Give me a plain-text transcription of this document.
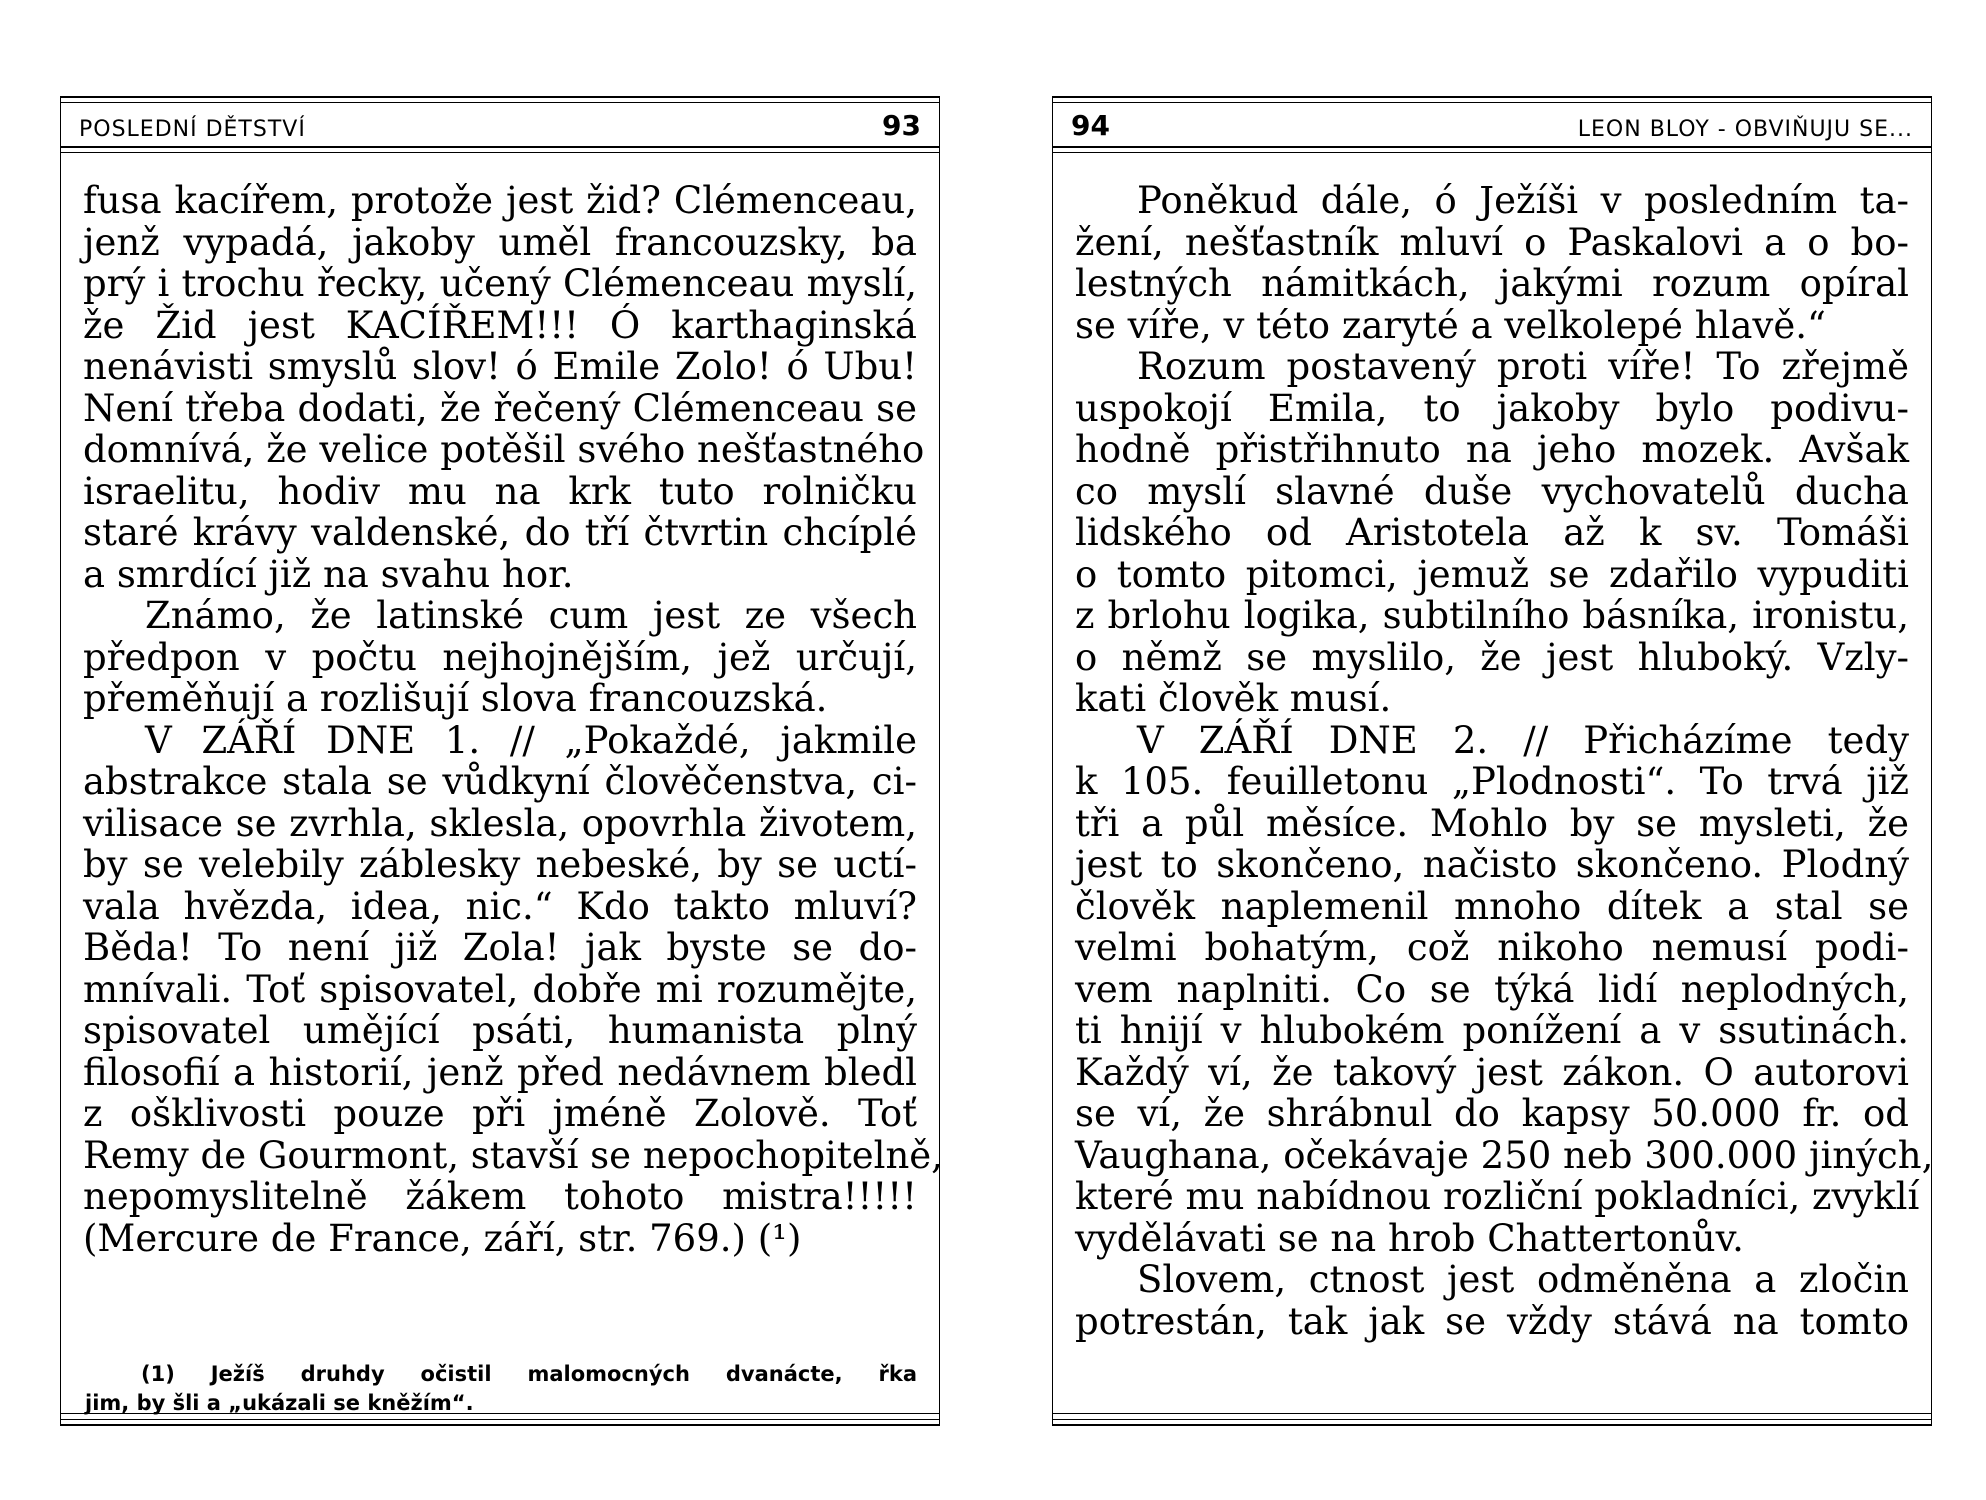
POSLEDNÍ DĚTSTVÍ	93
fusa kacířem, protože jest žid? Clémenceau,
jenž vypadá, jakoby uměl francouzsky, ba
prý i trochu řecky, učený Clémenceau myslí,
že Žid jest KACÍŘEM!!! Ó karthaginská
nenávisti smyslů slov! ó Emile Zolo! ó Ubu!
Není třeba dodati, že řečený Clémenceau se
domnívá, že velice potěšil svého nešťastného
israelitu, hodiv mu na krk tuto rolničku
staré krávy valdenské, do tří čtvrtin chcíplé
a smrdící již na svahu hor.
Známo, že latinské cum jest ze všech
předpon v počtu nejhojnějším, jež určují,
přeměňují a rozlišují slova francouzská.
V ZÁŘÍ DNE 1. // „Pokaždé, jakmile
abstrakce stala se vůdkyní člověčenstva, ci-
vilisace se zvrhla, sklesla, opovrhla životem,
by se velebily záblesky nebeské, by se uctí-
vala hvězda, idea, nic.“ Kdo takto mluví?
Běda! To není již Zola! jak byste se do-
mnívali. Toť spisovatel, dobře mi rozumějte,
spisovatel umějící psáti, humanista plný
filosofií a historií, jenž před nedávnem bledl
z ošklivosti pouze při jméně Zolově. Toť
Remy de Gourmont, stavší se nepochopitelně,
nepomyslitelně žákem tohoto mistra!!!!!
(Mercure de France, září, str. 769.) (¹)
(1) Ježíš druhdy očistil malomocných dvanácte, řka
jim, by šli a „ukázali se kněžím“.
94	LEON BLOY - OBVIŇUJU SE...
Poněkud dále, ó Ježíši v posledním ta-
žení, nešťastník mluví o Paskalovi a o bo-
lestných námitkách, jakými rozum opíral
se víře, v této zaryté a velkolepé hlavě.“
Rozum postavený proti víře! To zřejmě
uspokojí Emila, to jakoby bylo podivu-
hodně přistřihnuto na jeho mozek. Avšak
co myslí slavné duše vychovatelů ducha
lidského od Aristotela až k sv. Tomáši
o tomto pitomci, jemuž se zdařilo vypuditi
z brlohu logika, subtilního básníka, ironistu,
o němž se myslilo, že jest hluboký. Vzly-
kati člověk musí.
V ZÁŘÍ DNE 2. // Přicházíme tedy
k 105. feuilletonu „Plodnosti“. To trvá již
tři a půl měsíce. Mohlo by se mysleti, že
jest to skončeno, načisto skončeno. Plodný
člověk naplemenil mnoho dítek a stal se
velmi bohatým, což nikoho nemusí podi-
vem naplniti. Co se týká lidí neplodných,
ti hnijí v hlubokém ponížení a v ssutinách.
Každý ví, že takový jest zákon. O autorovi
se ví, že shrábnul do kapsy 50.000 fr. od
Vaughana, očekávaje 250 neb 300.000 jiných,
které mu nabídnou rozliční pokladníci, zvyklí
vydělávati se na hrob Chattertonův.
Slovem, ctnost jest odměněna a zločin
potrestán, tak jak se vždy stává na tomto
